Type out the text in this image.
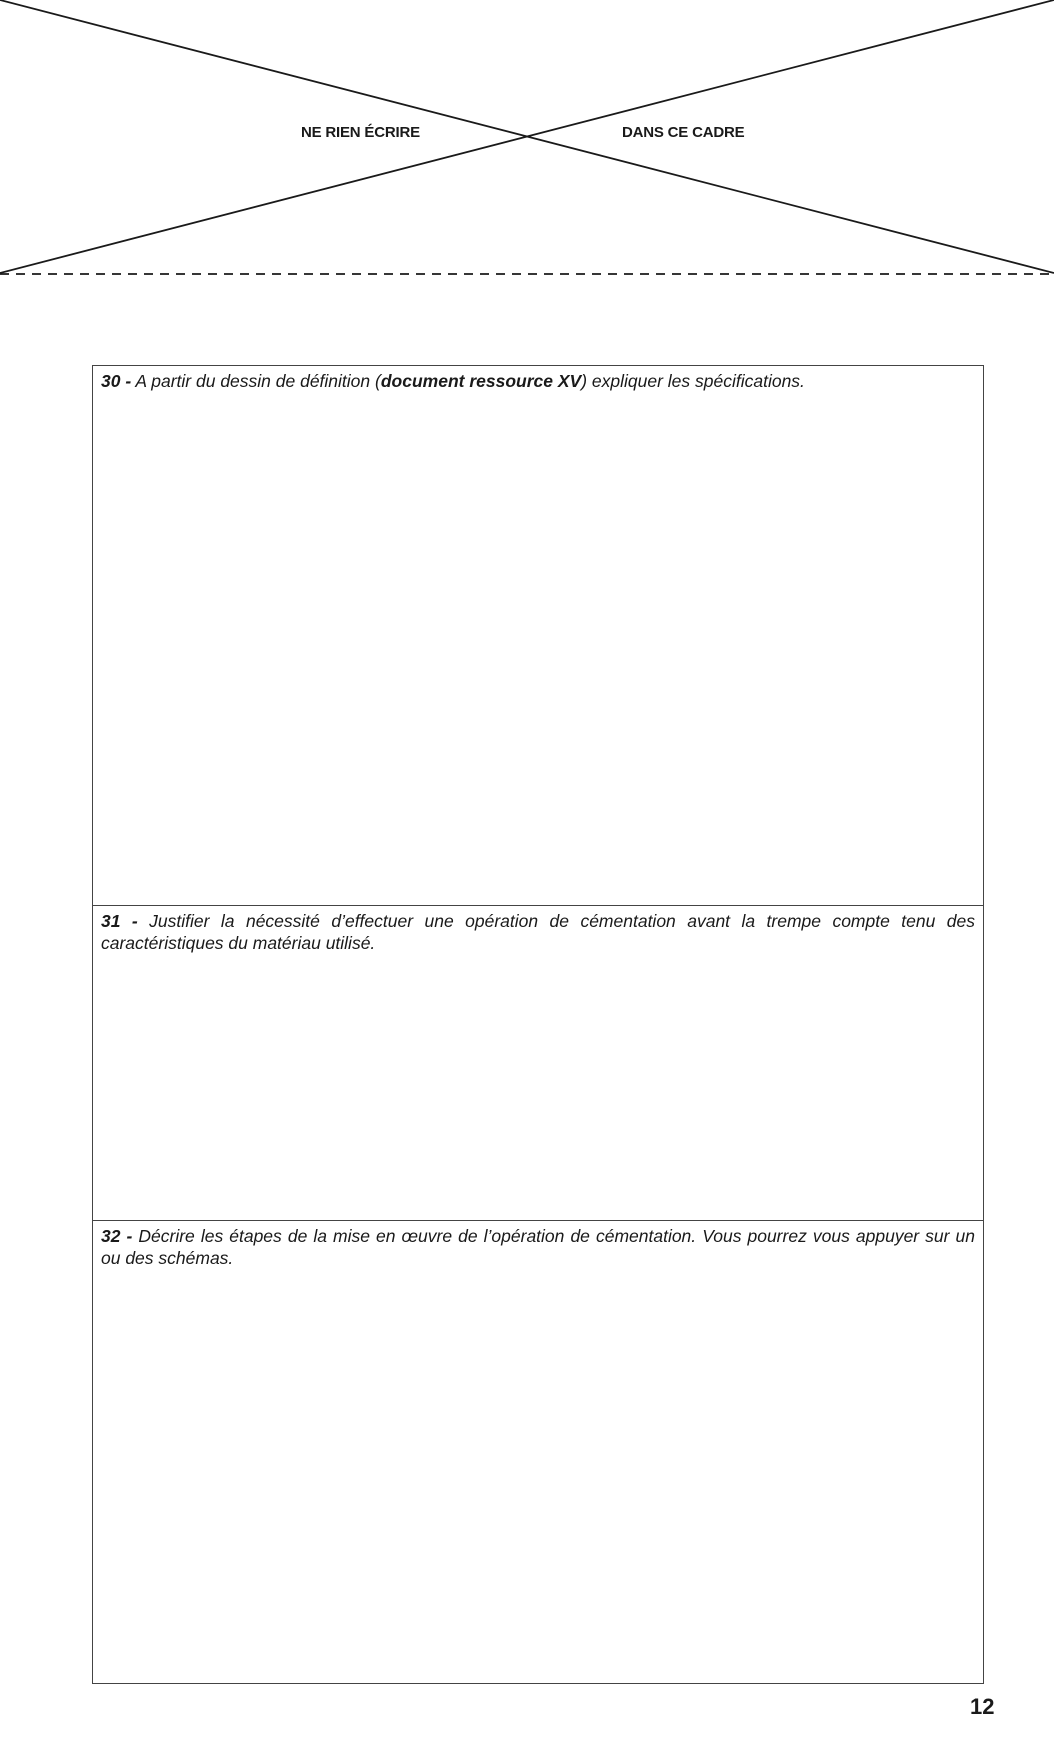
NE RIEN ÉCRIRE	DANS CE CADRE
30 - A partir du dessin de définition (document ressource XV) expliquer les spécifications.
31 - Justifier la nécessité d’effectuer une opération de cémentation avant la trempe compte tenu des caractéristiques du matériau utilisé.
32 - Décrire les étapes de la mise en œuvre de l’opération de cémentation. Vous pourrez vous appuyer sur un ou des schémas.
12
